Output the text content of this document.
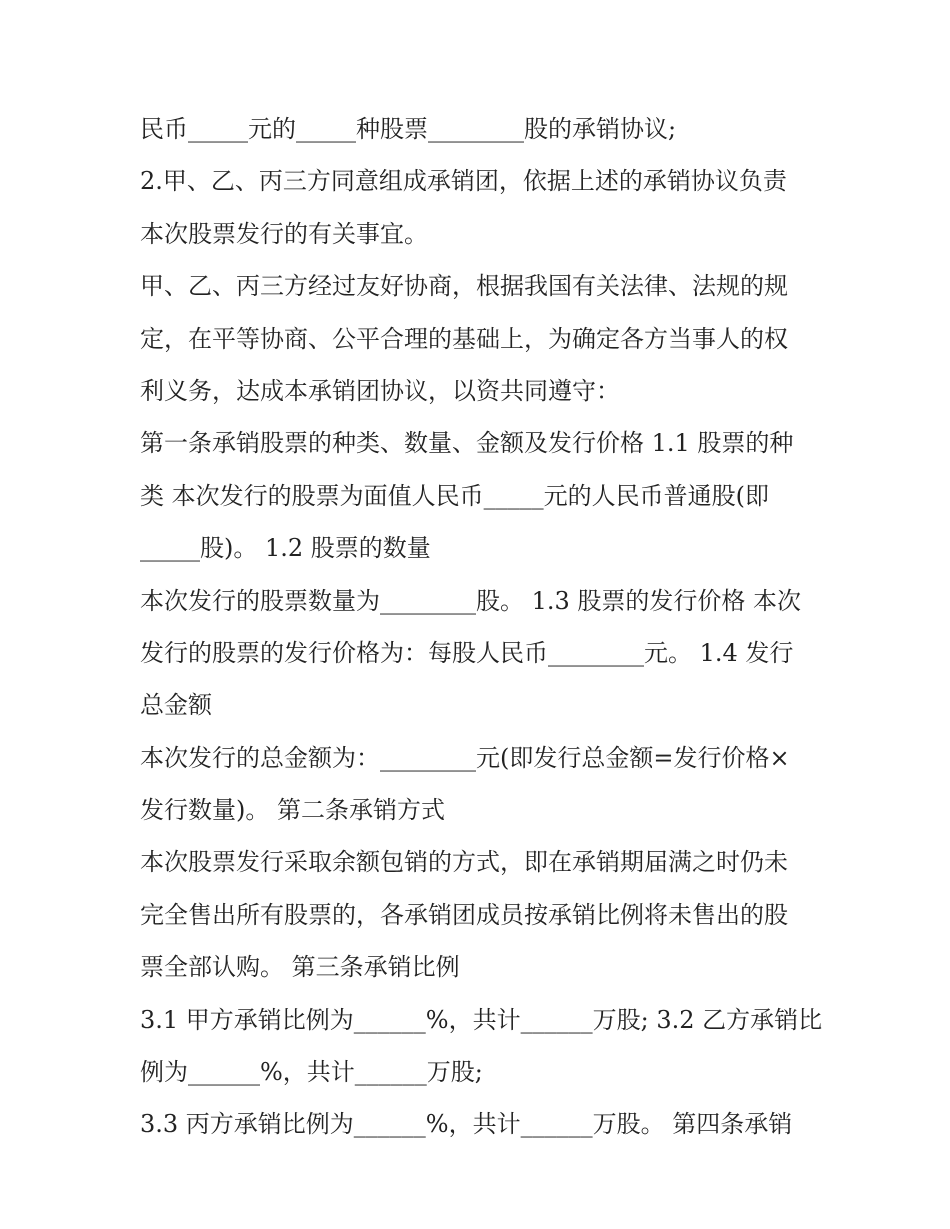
民币_____元的_____种股票________股的承销协议;
2.甲、乙、丙三方同意组成承销团，依据上述的承销协议负责
本次股票发行的有关事宜。
甲、乙、丙三方经过友好协商，根据我国有关法律、法规的规
定，在平等协商、公平合理的基础上，为确定各方当事人的权
利义务，达成本承销团协议，以资共同遵守：
第一条承销股票的种类、数量、金额及发行价格 1.1 股票的种
类 本次发行的股票为面值人民币_____元的人民币普通股(即
_____股)。 1.2 股票的数量
本次发行的股票数量为________股。 1.3 股票的发行价格 本次
发行的股票的发行价格为：每股人民币________元。 1.4 发行
总金额
本次发行的总金额为：________元(即发行总金额=发行价格×
发行数量)。 第二条承销方式
本次股票发行采取余额包销的方式，即在承销期届满之时仍未
完全售出所有股票的，各承销团成员按承销比例将未售出的股
票全部认购。 第三条承销比例
3.1 甲方承销比例为______%，共计______万股; 3.2 乙方承销比
例为______%，共计______万股;
3.3 丙方承销比例为______%，共计______万股。 第四条承销
